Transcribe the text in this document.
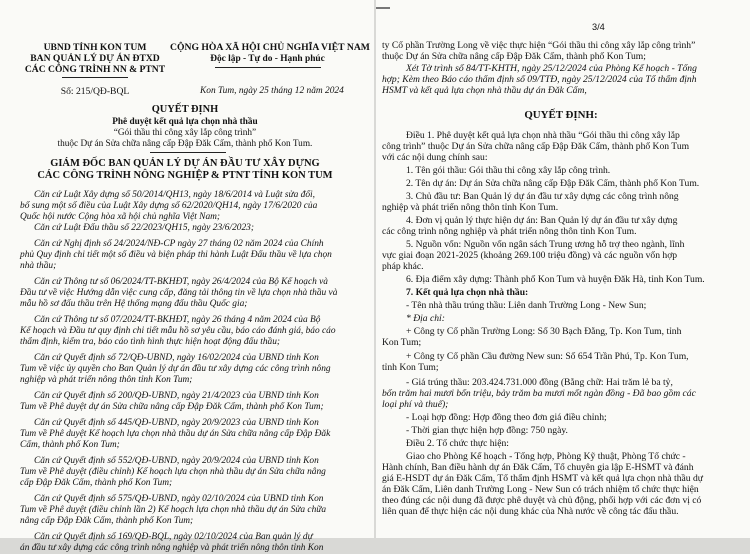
UBND TỈNH KON TUM
BAN QUẢN LÝ DỰ ÁN ĐTXD
CÁC CÔNG TRÌNH NN & PTNT
CỘNG HÒA XÃ HỘI CHỦ NGHĨA VIỆT NAM
Độc lập - Tự do - Hạnh phúc
Số: 215/QĐ-BQL	Kon Tum, ngày 25 tháng 12 năm 2024
QUYẾT ĐỊNH
Phê duyệt kết quả lựa chọn nhà thầu
“Gói thầu thi công xây lắp công trình”
thuộc Dự án Sửa chữa nâng cấp Đập Đăk Cấm, thành phố Kon Tum.
GIÁM ĐỐC BAN QUẢN LÝ DỰ ÁN ĐẦU TƯ XÂY DỰNG
CÁC CÔNG TRÌNH NÔNG NGHIỆP & PTNT TỈNH KON TUM
Căn cứ Luật Xây dựng số 50/2014/QH13, ngày 18/6/2014 và Luật sửa đổi,
bổ sung một số điều của Luật Xây dựng số 62/2020/QH14, ngày 17/6/2020 của
Quốc hội nước Cộng hòa xã hội chủ nghĩa Việt Nam;
Căn cứ Luật Đấu thầu số 22/2023/QH15, ngày 23/6/2023;
Căn cứ Nghị định số 24/2024/NĐ-CP ngày 27 tháng 02 năm 2024 của Chính
phủ Quy định chi tiết một số điều và biện pháp thi hành Luật Đấu thầu về lựa chọn
nhà thầu;
Căn cứ Thông tư số 06/2024/TT-BKHĐT, ngày 26/4/2024 của Bộ Kế hoạch và
Đầu tư về việc Hướng dẫn việc cung cấp, đăng tải thông tin về lựa chọn nhà thầu và
mẫu hồ sơ đấu thầu trên Hệ thống mạng đấu thầu Quốc gia;
Căn cứ Thông tư số 07/2024/TT-BKHĐT, ngày 26 tháng 4 năm 2024 của Bộ
Kế hoạch và Đầu tư quy định chi tiết mẫu hồ sơ yêu cầu, báo cáo đánh giá, báo cáo
thẩm định, kiểm tra, báo cáo tình hình thực hiện hoạt động đấu thầu;
Căn cứ Quyết định số 72/QĐ-UBND, ngày 16/02/2024 của UBND tỉnh Kon
Tum về việc ủy quyền cho Ban Quản lý dự án đầu tư xây dựng các công trình nông
nghiệp và phát triển nông thôn tỉnh Kon Tum;
Căn cứ Quyết định số 200/QĐ-UBND, ngày 21/4/2023 của UBND tỉnh Kon
Tum về Phê duyệt dự án Sửa chữa nâng cấp Đập Đăk Cấm, thành phố Kon Tum;
Căn cứ Quyết định số 445/QĐ-UBND, ngày 20/9/2023 của UBND tỉnh Kon
Tum về Phê duyệt Kế hoạch lựa chọn nhà thầu dự án Sửa chữa nâng cấp Đập Đăk
Cấm, thành phố Kon Tum;
Căn cứ Quyết định số 552/QĐ-UBND, ngày 20/9/2024 của UBND tỉnh Kon
Tum về Phê duyệt (điều chỉnh) Kế hoạch lựa chọn nhà thầu dự án Sửa chữa nâng
cấp Đập Đăk Cấm, thành phố Kon Tum;
Căn cứ Quyết định số 575/QĐ-UBND, ngày 02/10/2024 của UBND tỉnh Kon
Tum về Phê duyệt (điều chỉnh lần 2) Kế hoạch lựa chọn nhà thầu dự án Sửa chữa
nâng cấp Đập Đăk Cấm, thành phố Kon Tum;
Căn cứ Quyết định số 169/QĐ-BQL, ngày 02/10/2024 của Ban quản lý dự
án đầu tư xây dựng các công trình nông nghiệp và phát triển nông thôn tỉnh Kon
3/4
ty Cổ phần Trường Long về việc thực hiện “Gói thầu thi công xây lắp công trình”
thuộc Dự án Sửa chữa nâng cấp Đập Đăk Cấm, thành phố Kon Tum;
Xét Tờ trình số 84/TT-KHTH, ngày 25/12/2024 của Phòng Kế hoạch - Tổng
hợp; Kèm theo Báo cáo thẩm định số 09/TTĐ, ngày 25/12/2024 của Tổ thẩm định
HSMT và kết quả lựa chọn nhà thầu dự án Đăk Cấm,
QUYẾT ĐỊNH:
Điều 1. Phê duyệt kết quả lựa chọn nhà thầu “Gói thầu thi công xây lắp
công trình” thuộc Dự án Sửa chữa nâng cấp Đập Đăk Cấm, thành phố Kon Tum
với các nội dung chính sau:
1. Tên gói thầu: Gói thầu thi công xây lắp công trình.
2. Tên dự án: Dự án Sửa chữa nâng cấp Đập Đăk Cấm, thành phố Kon Tum.
3. Chủ đầu tư: Ban Quản lý dự án đầu tư xây dựng các công trình nông
nghiệp và phát triển nông thôn tỉnh Kon Tum.
4. Đơn vị quản lý thực hiện dự án: Ban Quản lý dự án đầu tư xây dựng
các công trình nông nghiệp và phát triển nông thôn tỉnh Kon Tum.
5. Nguồn vốn: Nguồn vốn ngân sách Trung ương hỗ trợ theo ngành, lĩnh
vực giai đoạn 2021-2025 (khoảng 269.100 triệu đồng) và các nguồn vốn hợp
pháp khác.
6. Địa điểm xây dựng: Thành phố Kon Tum và huyện Đăk Hà, tỉnh Kon Tum.
7. Kết quả lựa chọn nhà thầu:
- Tên nhà thầu trúng thầu: Liên danh Trường Long - New Sun;
* Địa chỉ:
+ Công ty Cổ phần Trường Long: Số 30 Bạch Đằng, Tp. Kon Tum, tỉnh
Kon Tum;
+ Công ty Cổ phần Cầu đường New sun: Số 654 Trần Phú, Tp. Kon Tum,
tỉnh Kon Tum;
- Giá trúng thầu: 203.424.731.000 đồng (Bằng chữ: Hai trăm lẻ ba tỷ,
bốn trăm hai mươi bốn triệu, bảy trăm ba mươi mốt ngàn đồng - Đã bao gồm các
loại phí và thuế);
- Loại hợp đồng: Hợp đồng theo đơn giá điều chỉnh;
- Thời gian thực hiện hợp đồng: 750 ngày.
Điều 2. Tổ chức thực hiện:
Giao cho Phòng Kế hoạch - Tổng hợp, Phòng Kỹ thuật, Phòng Tổ chức -
Hành chính, Ban điều hành dự án Đăk Cấm, Tổ chuyên gia lập E-HSMT và đánh
giá E-HSDT dự án Đăk Cấm, Tổ thẩm định HSMT và kết quả lựa chọn nhà thầu dự
án Đăk Cấm, Liên danh Trường Long - New Sun có trách nhiệm tổ chức thực hiện
theo đúng các nội dung đã được phê duyệt và chủ động, phối hợp với các đơn vị có
liên quan để thực hiện các nội dung khác của Nhà nước về công tác đấu thầu.
